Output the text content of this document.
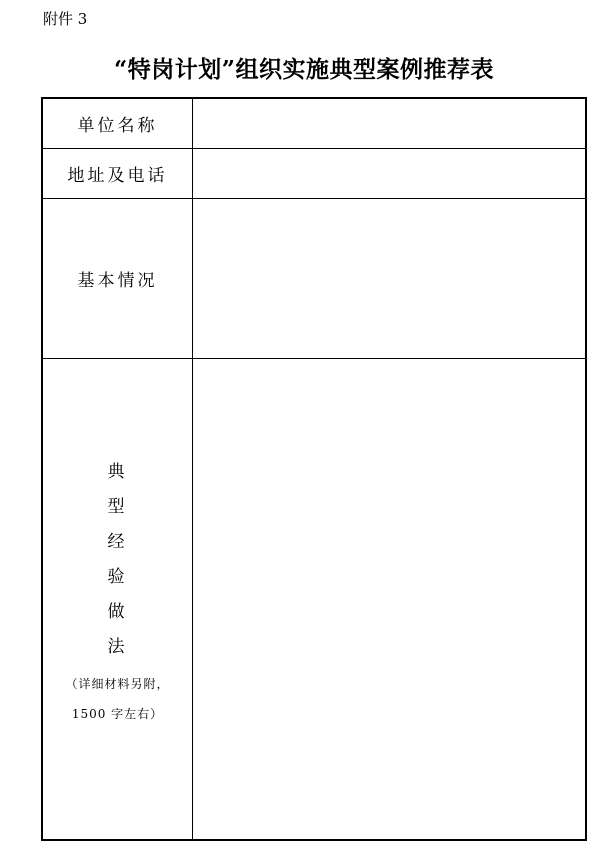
附件 3
“特岗计划”组织实施典型案例推荐表
单位名称
地址及电话
基本情况
典
型
经
验
做
法
（详细材料另附，
1500 字左右）
